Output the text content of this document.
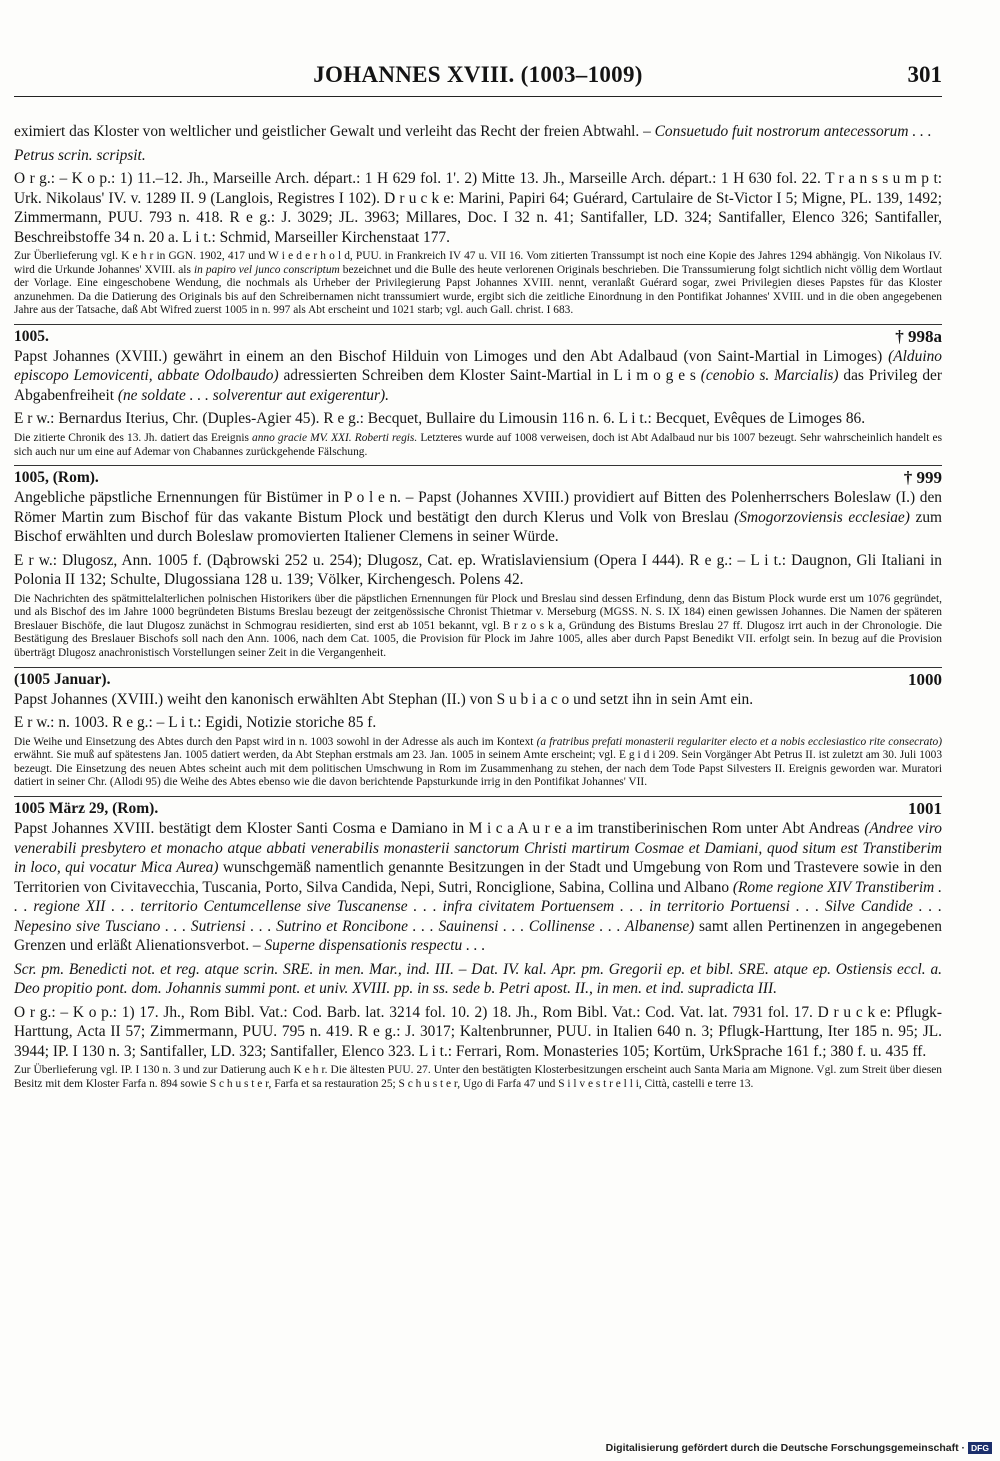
JOHANNES XVIII. (1003–1009)	301

eximiert das Kloster von weltlicher und geistlicher Gewalt und verleiht das Recht der freien Abtwahl. – Consuetudo fuit nostrorum antecessorum . . .

Petrus scrin. scripsit.

O r g.: – K o p.: 1) 11.–12. Jh., Marseille Arch. départ.: 1 H 629 fol. 1'. 2) Mitte 13. Jh., Marseille Arch. départ.: 1 H 630 fol. 22. T r a n s s u m p t: Urk. Nikolaus' IV. v. 1289 II. 9 (Langlois, Registres I 102). D r u c k e: Marini, Papiri 64; Guérard, Cartulaire de St-Victor I 5; Migne, PL. 139, 1492; Zimmermann, PUU. 793 n. 418. R e g.: J. 3029; JL. 3963; Millares, Doc. I 32 n. 41; Santifaller, LD. 324; Santifaller, Elenco 326; Santifaller, Beschreibstoffe 34 n. 20 a. L i t.: Schmid, Marseiller Kirchenstaat 177.

Zur Überlieferung vgl. K e h r in GGN. 1902, 417 und W i e d e r h o l d, PUU. in Frankreich IV 47 u. VII 16. Vom zitierten Transsumpt ist noch eine Kopie des Jahres 1294 abhängig. Von Nikolaus IV. wird die Urkunde Johannes' XVIII. als in papiro vel junco conscriptum bezeichnet und die Bulle des heute verlorenen Originals beschrieben. Die Transsumierung folgt sichtlich nicht völlig dem Wortlaut der Vorlage. Eine eingeschobene Wendung, die nochmals als Urheber der Privilegierung Papst Johannes XVIII. nennt, veranlaßt Guérard sogar, zwei Privilegien dieses Papstes für das Kloster anzunehmen. Da die Datierung des Originals bis auf den Schreibernamen nicht transsumiert wurde, ergibt sich die zeitliche Einordnung in den Pontifikat Johannes' XVIII. und in die oben angegebenen Jahre aus der Tatsache, daß Abt Wifred zuerst 1005 in n. 997 als Abt erscheint und 1021 starb; vgl. auch Gall. christ. I 683.

1005.	† 998a

Papst Johannes (XVIII.) gewährt in einem an den Bischof Hilduin von Limoges und den Abt Adalbaud (von Saint-Martial in Limoges) (Alduino episcopo Lemovicenti, abbate Odolbaudo) adressierten Schreiben dem Kloster Saint-Martial in L i m o g e s (cenobio s. Marcialis) das Privileg der Abgabenfreiheit (ne soldate . . . solverentur aut exigerentur).

E r w.: Bernardus Iterius, Chr. (Duples-Agier 45). R e g.: Becquet, Bullaire du Limousin 116 n. 6. L i t.: Becquet, Evêques de Limoges 86.

Die zitierte Chronik des 13. Jh. datiert das Ereignis anno gracie MV. XXI. Roberti regis. Letzteres wurde auf 1008 verweisen, doch ist Abt Adalbaud nur bis 1007 bezeugt. Sehr wahrscheinlich handelt es sich auch nur um eine auf Ademar von Chabannes zurückgehende Fälschung.

1005, (Rom).	† 999

Angebliche päpstliche Ernennungen für Bistümer in P o l e n. – Papst (Johannes XVIII.) providiert auf Bitten des Polenherrschers Boleslaw (I.) den Römer Martin zum Bischof für das vakante Bistum Plock und bestätigt den durch Klerus und Volk von Breslau (Smogorzoviensis ecclesiae) zum Bischof erwählten und durch Boleslaw promovierten Italiener Clemens in seiner Würde.

E r w.: Dlugosz, Ann. 1005 f. (Dąbrowski 252 u. 254); Dlugosz, Cat. ep. Wratislaviensium (Opera I 444). R e g.: – L i t.: Daugnon, Gli Italiani in Polonia II 132; Schulte, Dlugossiana 128 u. 139; Völker, Kirchengesch. Polens 42.

Die Nachrichten des spätmittelalterlichen polnischen Historikers über die päpstlichen Ernennungen für Plock und Breslau sind dessen Erfindung, denn das Bistum Plock wurde erst um 1076 gegründet, und als Bischof des im Jahre 1000 begründeten Bistums Breslau bezeugt der zeitgenössische Chronist Thietmar v. Merseburg (MGSS. N. S. IX 184) einen gewissen Johannes. Die Namen der späteren Breslauer Bischöfe, die laut Dlugosz zunächst in Schmograu residierten, sind erst ab 1051 bekannt, vgl. B r z o s k a, Gründung des Bistums Breslau 27 ff. Dlugosz irrt auch in der Chronologie. Die Bestätigung des Breslauer Bischofs soll nach den Ann. 1006, nach dem Cat. 1005, die Provision für Plock im Jahre 1005, alles aber durch Papst Benedikt VII. erfolgt sein. In bezug auf die Provision überträgt Dlugosz anachronistisch Vorstellungen seiner Zeit in die Vergangenheit.

(1005 Januar).	1000

Papst Johannes (XVIII.) weiht den kanonisch erwählten Abt Stephan (II.) von S u b i a c o und setzt ihn in sein Amt ein.

E r w.: n. 1003. R e g.: – L i t.: Egidi, Notizie storiche 85 f.

Die Weihe und Einsetzung des Abtes durch den Papst wird in n. 1003 sowohl in der Adresse als auch im Kontext (a fratribus prefati monasterii regulariter electo et a nobis ecclesiastico rite consecrato) erwähnt. Sie muß auf spätestens Jan. 1005 datiert werden, da Abt Stephan erstmals am 23. Jan. 1005 in seinem Amte erscheint; vgl. E g i d i 209. Sein Vorgänger Abt Petrus II. ist zuletzt am 30. Juli 1003 bezeugt. Die Einsetzung des neuen Abtes scheint auch mit dem politischen Umschwung in Rom im Zusammenhang zu stehen, der nach dem Tode Papst Silvesters II. Ereignis geworden war. Muratori datiert in seiner Chr. (Allodi 95) die Weihe des Abtes ebenso wie die davon berichtende Papsturkunde irrig in den Pontifikat Johannes' VII.

1005 März 29, (Rom).	1001

Papst Johannes XVIII. bestätigt dem Kloster Santi Cosma e Damiano in M i c a A u r e a im transtiberinischen Rom unter Abt Andreas (Andree viro venerabili presbytero et monacho atque abbati venerabilis monasterii sanctorum Christi martirum Cosmae et Damiani, quod situm est Transtiberim in loco, qui vocatur Mica Aurea) wunschgemäß namentlich genannte Besitzungen in der Stadt und Umgebung von Rom und Trastevere sowie in den Territorien von Civitavecchia, Tuscania, Porto, Silva Candida, Nepi, Sutri, Ronciglione, Sabina, Collina und Albano (Rome regione XIV Transtiberim . . . regione XII . . . territorio Centumcellense sive Tuscanense . . . infra civitatem Portuensem . . . in territorio Portuensi . . . Silve Candide . . . Nepesino sive Tusciano . . . Sutriensi . . . Sutrino et Roncibone . . . Sauinensi . . . Collinense . . . Albanense) samt allen Pertinenzen in angegebenen Grenzen und erläßt Alienationsverbot. – Superne dispensationis respectu . . .

Scr. pm. Benedicti not. et reg. atque scrin. SRE. in men. Mar., ind. III. – Dat. IV. kal. Apr. pm. Gregorii ep. et bibl. SRE. atque ep. Ostiensis eccl. a. Deo propitio pont. dom. Johannis summi pont. et univ. XVIII. pp. in ss. sede b. Petri apost. II., in men. et ind. supradicta III.

O r g.: – K o p.: 1) 17. Jh., Rom Bibl. Vat.: Cod. Barb. lat. 3214 fol. 10. 2) 18. Jh., Rom Bibl. Vat.: Cod. Vat. lat. 7931 fol. 17. D r u c k e: Pflugk-Harttung, Acta II 57; Zimmermann, PUU. 795 n. 419. R e g.: J. 3017; Kaltenbrunner, PUU. in Italien 640 n. 3; Pflugk-Harttung, Iter 185 n. 95; JL. 3944; IP. I 130 n. 3; Santifaller, LD. 323; Santifaller, Elenco 323. L i t.: Ferrari, Rom. Monasteries 105; Kortüm, UrkSprache 161 f.; 380 f. u. 435 ff.

Zur Überlieferung vgl. IP. I 130 n. 3 und zur Datierung auch K e h r. Die ältesten PUU. 27. Unter den bestätigten Klosterbesitzungen erscheint auch Santa Maria am Mignone. Vgl. zum Streit über diesen Besitz mit dem Kloster Farfa n. 894 sowie S c h u s t e r, Farfa et sa restauration 25; S c h u s t e r, Ugo di Farfa 47 und S i l v e s t r e l l i, Città, castelli e terre 13.

Digitalisierung gefördert durch die Deutsche Forschungsgemeinschaft · DFG
